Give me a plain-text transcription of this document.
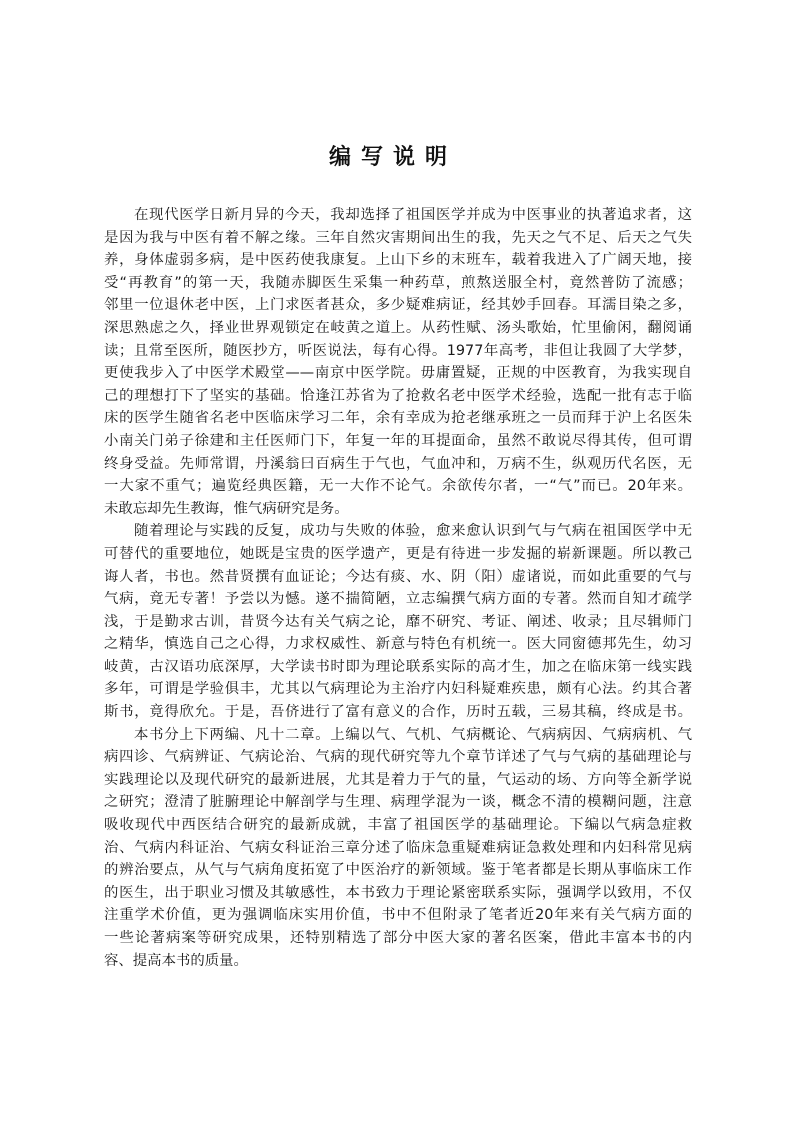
编写说明
在现代医学日新月异的今天，我却选择了祖国医学并成为中医事业的执著追求者，这
是因为我与中医有着不解之缘。三年自然灾害期间出生的我，先天之气不足、后天之气失
养，身体虚弱多病，是中医药使我康复。上山下乡的末班车，载着我进入了广阔天地，接
受“再教育”的第一天，我随赤脚医生采集一种药草，煎熬送服全村，竟然普防了流感；
邻里一位退休老中医，上门求医者甚众，多少疑难病证，经其妙手回春。耳濡目染之多，
深思熟虑之久，择业世界观锁定在岐黄之道上。从药性赋、汤头歌始，忙里偷闲，翻阅诵
读；且常至医所，随医抄方，听医说法，每有心得。1977年高考，非但让我圆了大学梦，
更使我步入了中医学术殿堂——南京中医学院。毋庸置疑，正规的中医教育，为我实现自
己的理想打下了坚实的基础。恰逢江苏省为了抢救名老中医学术经验，选配一批有志于临
床的医学生随省名老中医临床学习二年，余有幸成为抢老继承班之一员而拜于沪上名医朱
小南关门弟子徐建和主任医师门下，年复一年的耳提面命，虽然不敢说尽得其传，但可谓
终身受益。先师常谓，丹溪翁曰百病生于气也，气血冲和，万病不生，纵观历代名医，无
一大家不重气；遍览经典医籍，无一大作不论气。余欲传尔者，一“气”而已。20年来。
未敢忘却先生教诲，惟气病研究是务。
随着理论与实践的反复，成功与失败的体验，愈来愈认识到气与气病在祖国医学中无
可替代的重要地位，她既是宝贵的医学遗产，更是有待进一步发掘的崭新课题。所以教己
诲人者，书也。然昔贤撰有血证论；今达有痰、水、阴（阳）虚诸说，而如此重要的气与
气病，竟无专著！予尝以为憾。遂不揣简陋，立志编撰气病方面的专著。然而自知才疏学
浅，于是勤求古训，昔贤今达有关气病之论，靡不研究、考证、阐述、收录；且尽辑师门
之精华，慎选自己之心得，力求权威性、新意与特色有机统一。医大同窗德邦先生，幼习
岐黄，古汉语功底深厚，大学读书时即为理论联系实际的高才生，加之在临床第一线实践
多年，可谓是学验俱丰，尤其以气病理论为主治疗内妇科疑难疾患，颇有心法。约其合著
斯书，竟得欣允。于是，吾侪进行了富有意义的合作，历时五载，三易其稿，终成是书。
本书分上下两编、凡十二章。上编以气、气机、气病概论、气病病因、气病病机、气
病四诊、气病辨证、气病论治、气病的现代研究等九个章节详述了气与气病的基础理论与
实践理论以及现代研究的最新进展，尤其是着力于气的量，气运动的场、方向等全新学说
之研究；澄清了脏腑理论中解剖学与生理、病理学混为一谈，概念不清的模糊问题，注意
吸收现代中西医结合研究的最新成就，丰富了祖国医学的基础理论。下编以气病急症救
治、气病内科证治、气病女科证治三章分述了临床急重疑难病证急救处理和内妇科常见病
的辨治要点，从气与气病角度拓宽了中医治疗的新领域。鉴于笔者都是长期从事临床工作
的医生，出于职业习惯及其敏感性，本书致力于理论紧密联系实际，强调学以致用，不仅
注重学术价值，更为强调临床实用价值，书中不但附录了笔者近20年来有关气病方面的
一些论著病案等研究成果，还特别精选了部分中医大家的著名医案，借此丰富本书的内
容、提高本书的质量。
